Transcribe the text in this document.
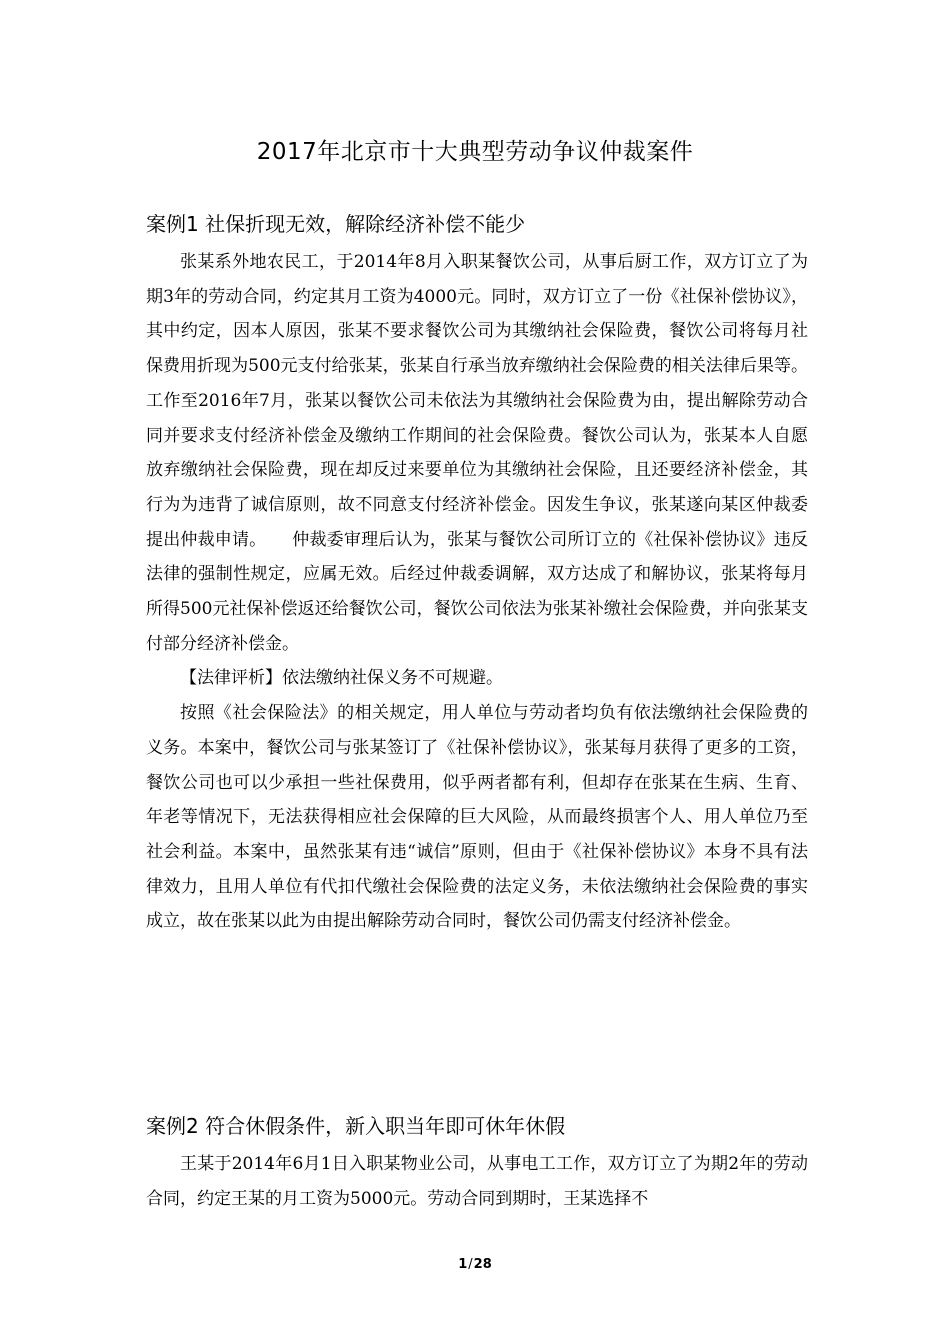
2017年北京市十大典型劳动争议仲裁案件
案例1 社保折现无效，解除经济补偿不能少

张某系外地农民工，于2014年8月入职某餐饮公司，从事后厨工作，双方订立了为期3年的劳动合同，约定其月工资为4000元。同时，双方订立了一份《社保补偿协议》，其中约定，因本人原因，张某不要求餐饮公司为其缴纳社会保险费，餐饮公司将每月社保费用折现为500元支付给张某，张某自行承当放弃缴纳社会保险费的相关法律后果等。工作至2016年7月，张某以餐饮公司未依法为其缴纳社会保险费为由，提出解除劳动合同并要求支付经济补偿金及缴纳工作期间的社会保险费。餐饮公司认为，张某本人自愿放弃缴纳社会保险费，现在却反过来要单位为其缴纳社会保险，且还要经济补偿金，其行为为违背了诚信原则，故不同意支付经济补偿金。因发生争议，张某遂向某区仲裁委提出仲裁申请。　　仲裁委审理后认为，张某与餐饮公司所订立的《社保补偿协议》违反法律的强制性规定，应属无效。后经过仲裁委调解，双方达成了和解协议，张某将每月所得500元社保补偿返还给餐饮公司，餐饮公司依法为张某补缴社会保险费，并向张某支付部分经济补偿金。

【法律评析】依法缴纳社保义务不可规避。

按照《社会保险法》的相关规定，用人单位与劳动者均负有依法缴纳社会保险费的义务。本案中，餐饮公司与张某签订了《社保补偿协议》，张某每月获得了更多的工资，餐饮公司也可以少承担一些社保费用，似乎两者都有利，但却存在张某在生病、生育、年老等情况下，无法获得相应社会保障的巨大风险，从而最终损害个人、用人单位乃至社会利益。本案中，虽然张某有违“诚信”原则，但由于《社保补偿协议》本身不具有法律效力，且用人单位有代扣代缴社会保险费的法定义务，未依法缴纳社会保险费的事实成立，故在张某以此为由提出解除劳动合同时，餐饮公司仍需支付经济补偿金。

案例2 符合休假条件，新入职当年即可休年休假

王某于2014年6月1日入职某物业公司，从事电工工作，双方订立了为期2年的劳动合同，约定王某的月工资为5000元。劳动合同到期时，王某选择不

1/28
